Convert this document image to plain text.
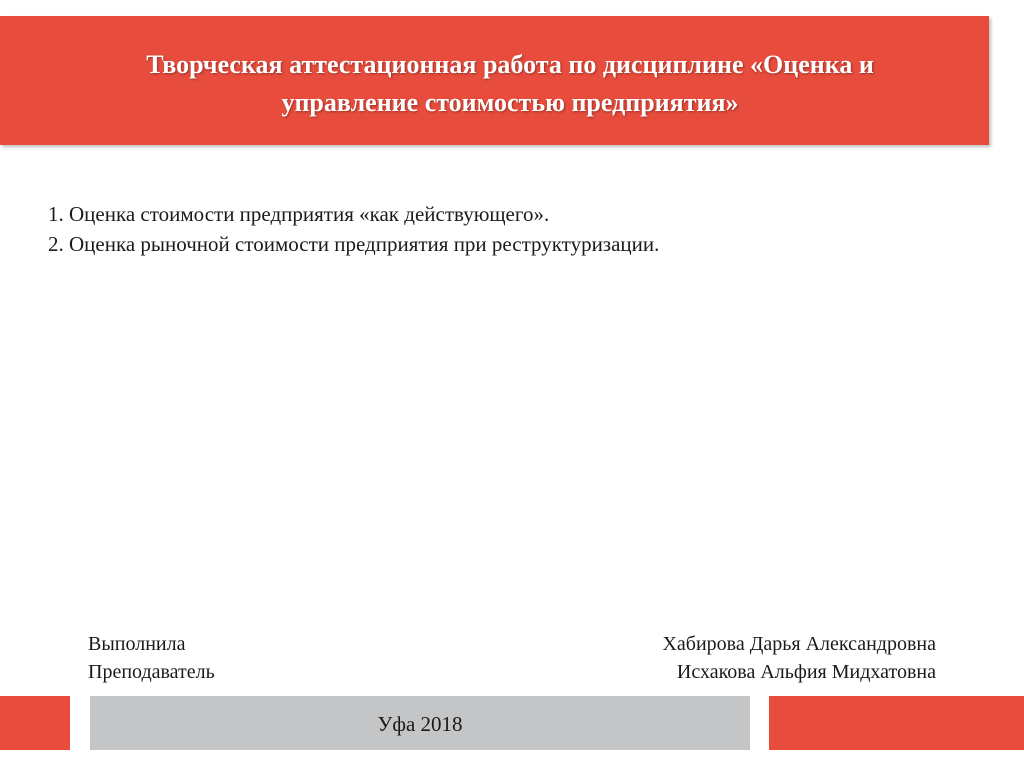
Творческая аттестационная работа по дисциплине «Оценка и
управление стоимостью предприятия»
1. Оценка стоимости предприятия «как действующего».
2. Оценка рыночной стоимости предприятия при реструктуризации.
Выполнила
Преподаватель
Хабирова Дарья Александровна
Исхакова Альфия Мидхатовна
Уфа 2018
